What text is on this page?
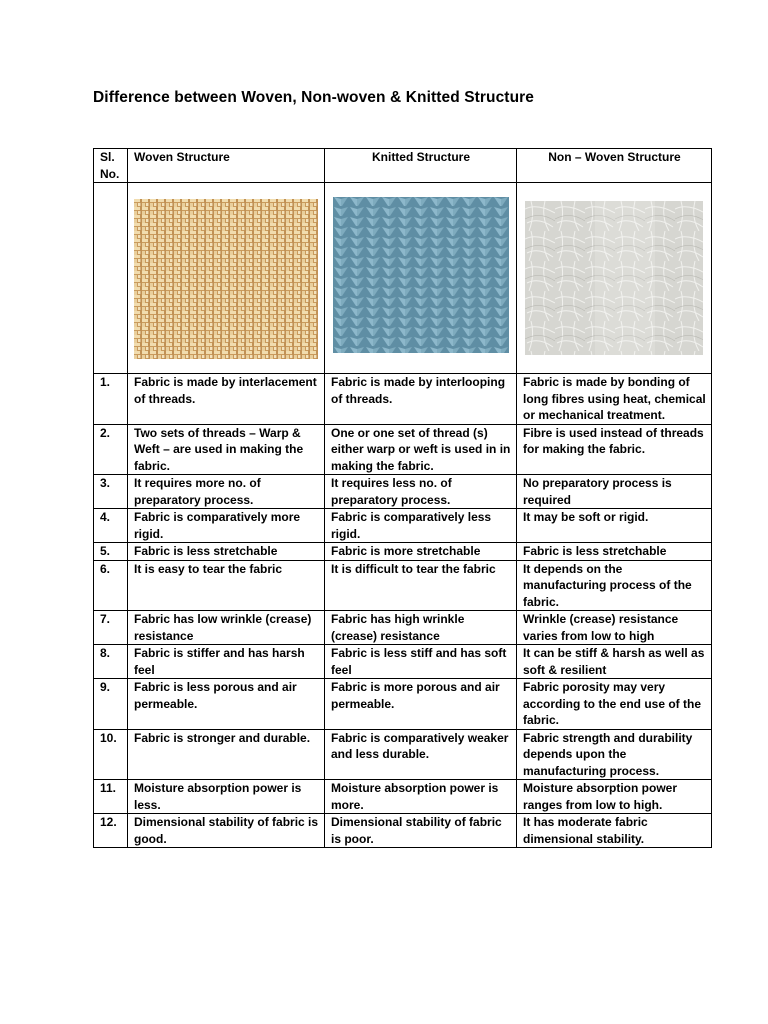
Difference between Woven, Non-woven & Knitted Structure
Sl. No.	Woven Structure	Knitted Structure	Non – Woven Structure

1.	Fabric is made by interlacement of threads.	Fabric is made by interlooping of threads.	Fabric is made by bonding of long fibres using heat, chemical or mechanical treatment.
2.	Two sets of threads – Warp & Weft – are used in making the fabric.	One or one set of thread (s) either warp or weft is used in in making the fabric.	Fibre is used instead of threads for making the fabric.
3.	It requires more no. of preparatory process.	It requires less no. of preparatory process.	No preparatory process is required
4.	Fabric is comparatively more rigid.	Fabric is comparatively less rigid.	It may be soft or rigid.
5.	Fabric is less stretchable	Fabric is more stretchable	Fabric is less stretchable
6.	It is easy to tear the fabric	It is difficult to tear the fabric	It depends on the manufacturing process of the fabric.
7.	Fabric has low wrinkle (crease) resistance	Fabric has high wrinkle (crease) resistance	Wrinkle (crease) resistance varies from low to high
8.	Fabric is stiffer and has harsh feel	Fabric is less stiff and has soft feel	It can be stiff & harsh as well as soft & resilient
9.	Fabric is less porous and air permeable.	Fabric is more porous and air permeable.	Fabric porosity may very according to the end use of the fabric.
10.	Fabric is stronger and durable.	Fabric is comparatively weaker and less durable.	Fabric strength and durability depends upon the manufacturing process.
11.	Moisture absorption power is less.	Moisture absorption power is more.	Moisture absorption power ranges from low to high.
12.	Dimensional stability of fabric is good.	Dimensional stability of fabric is poor.	It has moderate fabric dimensional stability.
